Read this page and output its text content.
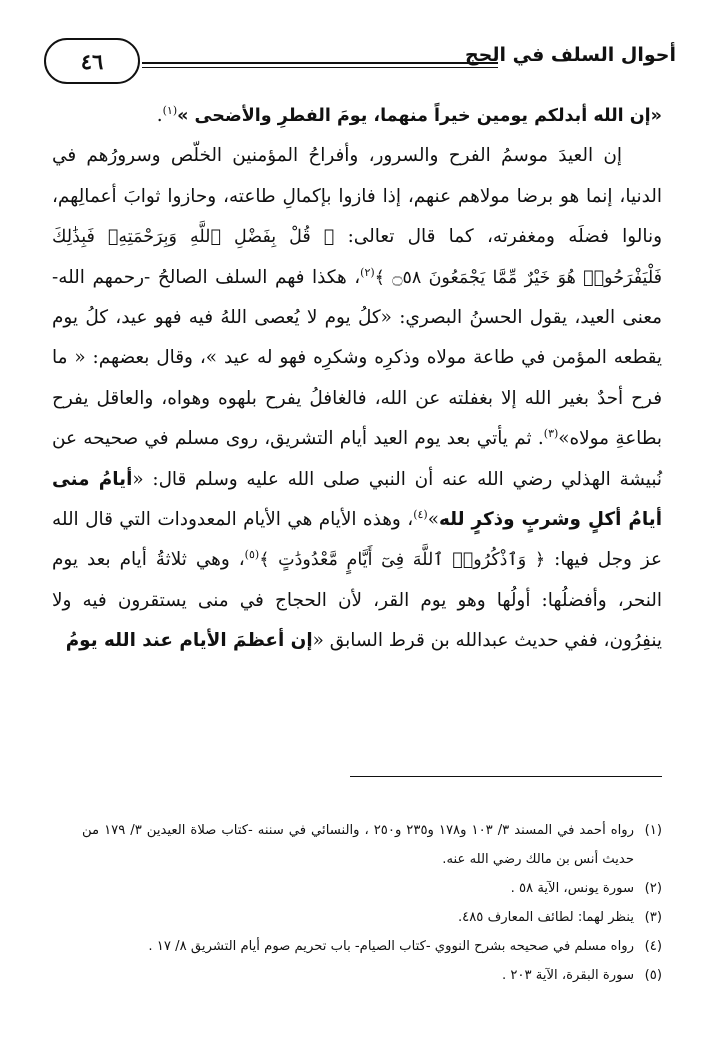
٤٦	أحوال السلف في الحج

«إن الله أبدلكم يومين خيراً منهما، يومَ الفطرِ والأضحى »$^{(١)}$.

إن العيدَ موسمُ الفرح والسرور، وأفراحُ المؤمنين الخلّص وسرورُهم في الدنيا، إنما هو برضا مولاهم عنهم، إذا فازوا بإكمالِ طاعته، وحازوا ثوابَ أعمالِهم، ونالوا فضلَه ومغفرته، كما قال تعالى: ﴿ قُلْ بِفَضْلِ ٱللَّهِ وَبِرَحْمَتِهِۦ فَبِذَٰلِكَ فَلْيَفْرَحُوا۟ هُوَ خَيْرٌ مِّمَّا يَجْمَعُونَ ۝٥٨ ﴾$^{(٢)}$، هكذا فهم السلف الصالحُ -رحمهم الله- معنى العيد، يقول الحسنُ البصري: «كلُ يوم لا يُعصى اللهُ فيه فهو عيد، كلُ يوم يقطعه المؤمن في طاعة مولاه وذكرِه وشكرِه فهو له عيد »، وقال بعضهم: « ما فرح أحدٌ بغير الله إلا بغفلته عن الله، فالغافلُ يفرح بلهوه وهواه، والعاقل يفرح بطاعةِ مولاه»$^{(٣)}$. ثم يأتي بعد يوم العيد أيام التشريق، روى مسلم في صحيحه عن نُبيشة الهذلي رضي الله عنه أن النبي صلى الله عليه وسلم قال: «أيامُ منى أيامُ أكلٍ وشربٍ وذكرٍ لله»$^{(٤)}$، وهذه الأيام هي الأيام المعدودات التي قال الله عز وجل فيها: ﴿ وَٱذْكُرُوا۟ ٱللَّهَ فِىٓ أَيَّامٍ مَّعْدُودَٰتٍ ﴾$^{(٥)}$، وهي ثلاثةُ أيام بعد يوم النحر، وأفضلُها: أولُها وهو يوم القر، لأن الحجاج في منى يستقرون فيه ولا ينفِرُون، ففي حديث عبدالله بن قرط السابق «إن أعظمَ الأيام عند الله يومُ

(١)
رواه أحمد في المسند ٣/ ١٠٣ و١٧٨ و٢٣٥ و٢٥٠ ، والنسائي في سننه -كتاب صلاة العيدين ٣/ ١٧٩ من حديث أنس بن مالك رضي الله عنه.
(٢)
سورة يونس، الآية ٥٨ .
(٣)
ينظر لهما: لطائف المعارف ٤٨٥.
(٤)
رواه مسلم في صحيحه بشرح النووي -كتاب الصيام- باب تحريم صوم أيام التشريق ٨/ ١٧ .
(٥)
سورة البقرة، الآية ٢٠٣ .
